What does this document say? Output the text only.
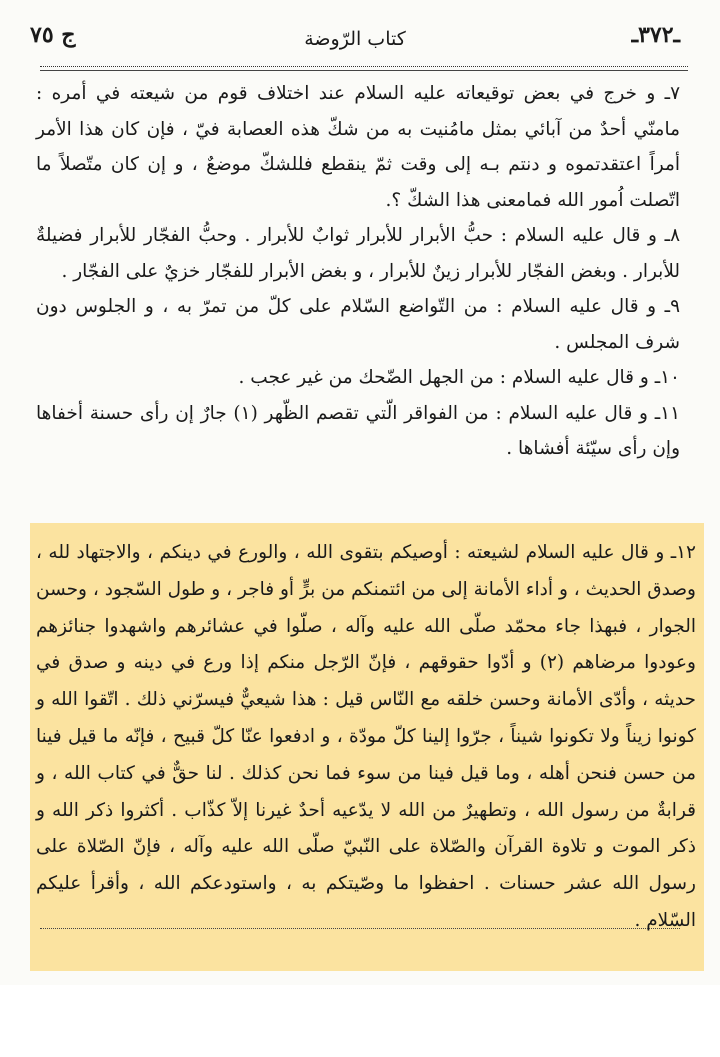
ـ٣٧٢ـ
كتاب الرّوضة
ج ٧٥

٧ـ و خرج في بعض توقيعاته عليه السلام عند اختلاف قوم من شيعته في أمره : مامنّي أحدٌ من آبائي بمثل مامُنيت به من شكّ هذه العصابة فيّ ، فإن كان هذا الأمر أمراً اعتقدتموه و دنتم بـه إلى وقت ثمّ ينقطع فللشكّ موضعٌ ، و إن كان متّصلاً ما اتّصلت اُمور الله فمامعنى هذا الشكّ ؟.

٨ـ و قال عليه السلام : حبُّ الأبرار للأبرار ثوابٌ للأبرار . وحبُّ الفجّار للأبرار فضيلةٌ للأبرار . وبغض الفجّار للأبرار زينٌ للأبرار ، و بغض الأبرار للفجّار خزيٌ على الفجّار .

٩ـ و قال عليه السلام : من التّواضع السّلام على كلّ من تمرّ به ، و الجلوس دون شرف المجلس .

١٠ـ و قال عليه السلام : من الجهل الضّحك من غير عجب .

١١ـ و قال عليه السلام : من الفواقر الّتي تقصم الظّهر (١) جارٌ إن رأى حسنة أخفاها وإن رأى سيّئة أفشاها .

١٢ـ و قال عليه السلام لشيعته : أوصيكم بتقوى الله ، والورع في دينكم ، والاجتهاد لله ، وصدق الحديث ، و أداء الأمانة إلى من ائتمنكم من برٍّ أو فاجر ، و طول السّجود ، وحسن الجوار ، فبهذا جاء محمّد صلّى الله عليه وآله ، صلّوا في عشائرهم واشهدوا جنائزهم وعودوا مرضاهم (٢) و أدّوا حقوقهم ، فإنّ الرّجل منكم إذا ورع في دينه و صدق في حديثه ، وأدّى الأمانة وحسن خلقه مع النّاس قيل : هذا شيعيٌّ فيسرّني ذلك . اتّقوا الله و كونوا زيناً ولا تكونوا شيناً ، جرّوا إلينا كلّ مودّة ، و ادفعوا عنّا كلّ قبيح ، فإنّه ما قيل فينا من حسن فنحن أهله ، وما قيل فينا من سوء فما نحن كذلك . لنا حقٌّ في كتاب الله ، و قرابةٌ من رسول الله ، وتطهيرٌ من الله لا يدّعيه أحدٌ غيرنا إلاّ كذّاب . أكثروا ذكر الله و ذكر الموت و تلاوة القرآن والصّلاة على النّبيّ صلّى الله عليه وآله ، فإنّ الصّلاة على رسول الله عشر حسنات . احفظوا ما وصّيتكم به ، واستودعكم الله ، وأقرأ عليكم السّلام .
